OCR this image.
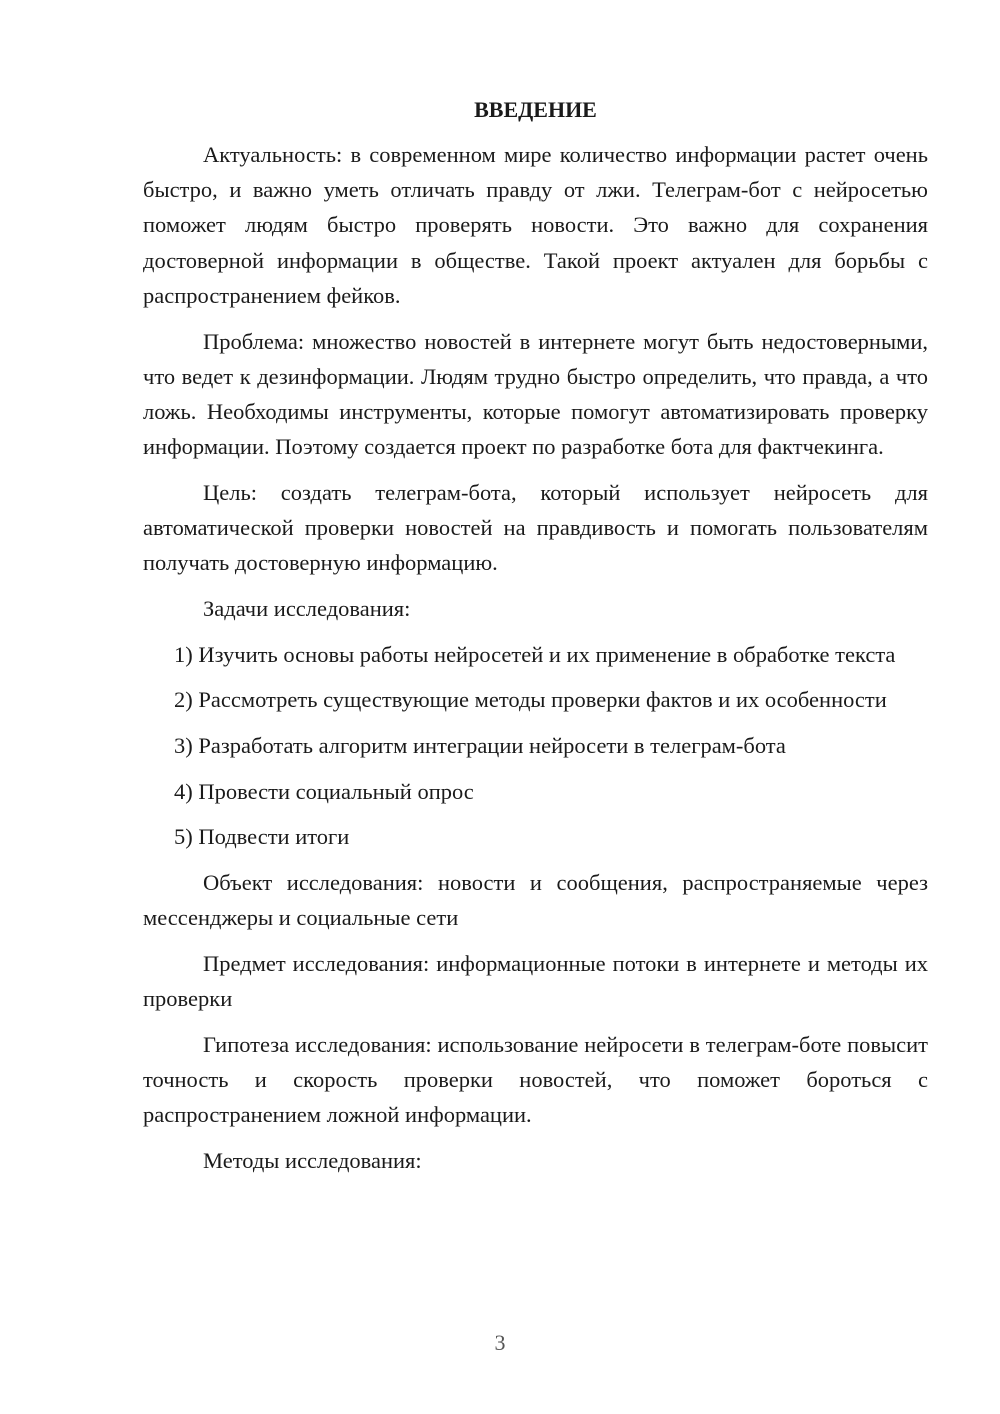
ВВЕДЕНИЕ

Актуальность: в современном мире количество информации растет очень быстро, и важно уметь отличать правду от лжи. Телеграм-бот с нейросетью поможет людям быстро проверять новости. Это важно для сохранения достоверной информации в обществе. Такой проект актуален для борьбы с распространением фейков.

Проблема: множество новостей в интернете могут быть недостоверными, что ведет к дезинформации. Людям трудно быстро определить, что правда, а что ложь. Необходимы инструменты, которые помогут автоматизировать проверку информации. Поэтому создается проект по разработке бота для фактчекинга.

Цель: создать телеграм-бота, который использует нейросеть для автоматической проверки новостей на правдивость и помогать пользователям получать достоверную информацию.

Задачи исследования:

1) Изучить основы работы нейросетей и их применение в обработке текста

2) Рассмотреть существующие методы проверки фактов и их особенности

3) Разработать алгоритм интеграции нейросети в телеграм-бота

4) Провести социальный опрос

5) Подвести итоги

Объект исследования: новости и сообщения, распространяемые через мессенджеры и социальные сети

Предмет исследования: информационные потоки в интернете и методы их проверки

Гипотеза исследования: использование нейросети в телеграм-боте повысит точность и скорость проверки новостей, что поможет бороться с распространением ложной информации.

Методы исследования:

3
